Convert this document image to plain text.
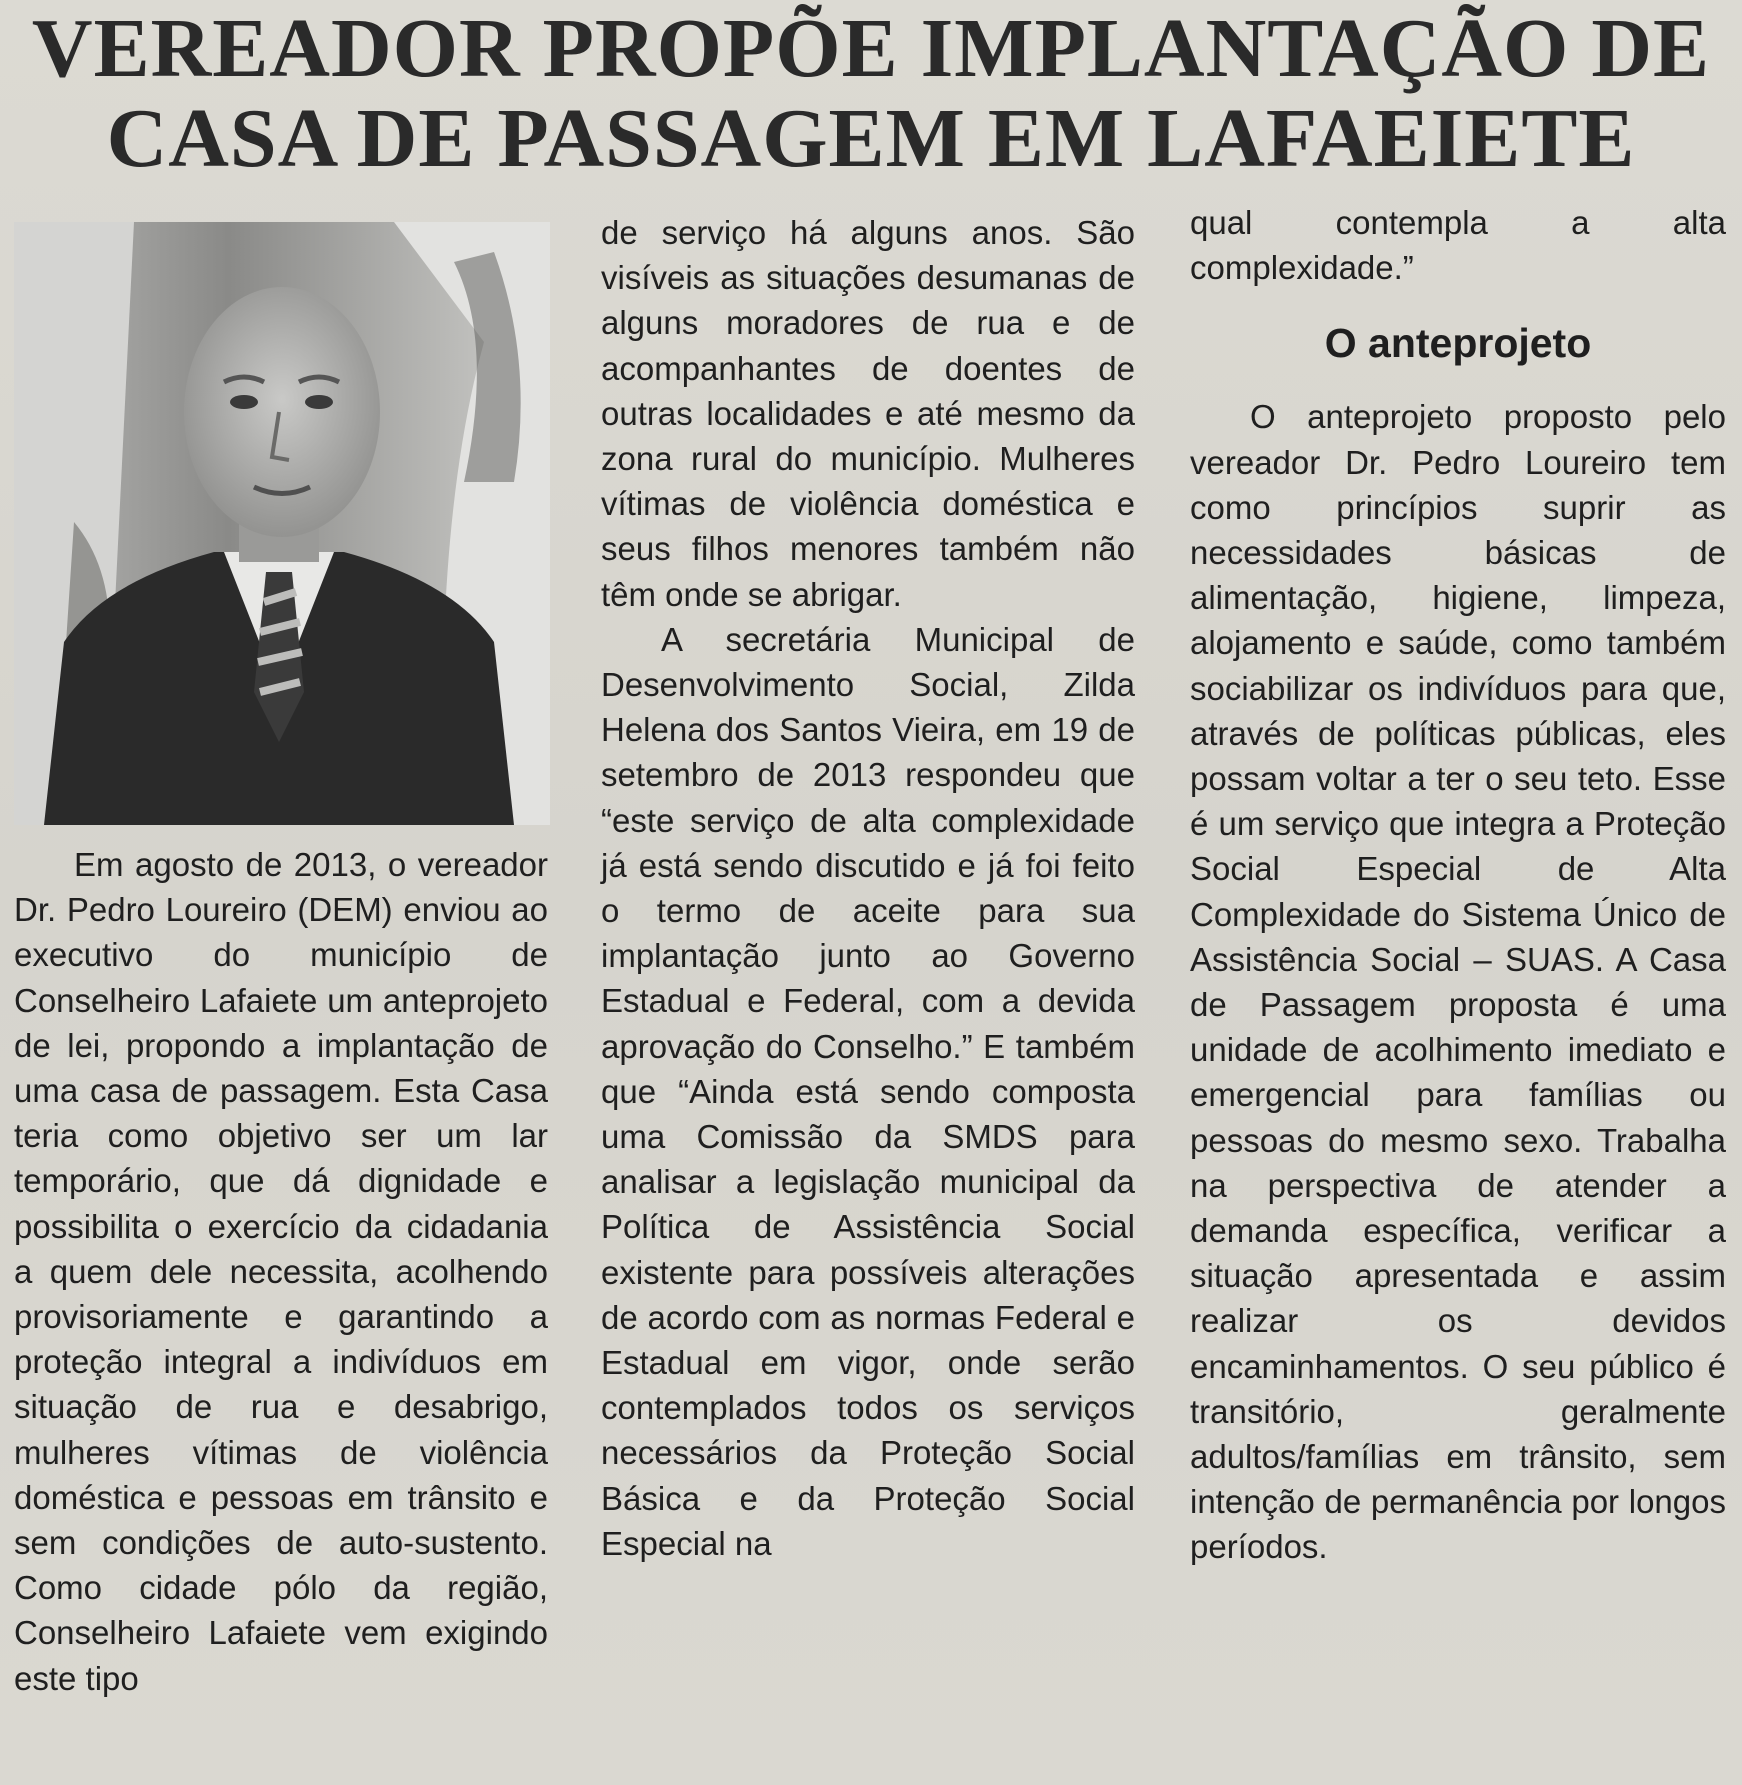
VEREADOR PROPÕE IMPLANTAÇÃO DE
CASA DE PASSAGEM EM LAFAEIETE

Em agosto de 2013, o vereador Dr. Pedro Loureiro (DEM) enviou ao executivo do município de Conselheiro Lafaiete um anteprojeto de lei, propondo a implantação de uma casa de passagem. Esta Casa teria como objetivo ser um lar temporário, que dá dignidade e possibilita o exercício da cidadania a quem dele necessita, acolhendo provisoriamente e garantindo a proteção integral a indivíduos em situação de rua e desabrigo, mulheres vítimas de violência doméstica e pessoas em trânsito e sem condições de auto-sustento. Como cidade pólo da região, Conselheiro Lafaiete vem exigindo este tipo

de serviço há alguns anos. São visíveis as situações desumanas de alguns moradores de rua e de acompanhantes de doentes de outras localidades e até mesmo da zona rural do município. Mulheres vítimas de violência doméstica e seus filhos menores também não têm onde se abrigar.

A secretária Municipal de Desenvolvimento Social, Zilda Helena dos Santos Vieira, em 19 de setembro de 2013 respondeu que “este serviço de alta complexidade já está sendo discutido e já foi feito o termo de aceite para sua implantação junto ao Governo Estadual e Federal, com a devida aprovação do Conselho.” E também que “Ainda está sendo composta uma Comissão da SMDS para analisar a legislação municipal da Política de Assistência Social existente para possíveis alterações de acordo com as normas Federal e Estadual em vigor, onde serão contemplados todos os serviços necessários da Proteção Social Básica e da Proteção Social Especial na

qual contempla a alta complexidade.”

O anteprojeto

O anteprojeto proposto pelo vereador Dr. Pedro Loureiro tem como princípios suprir as necessidades básicas de alimentação, higiene, limpeza, alojamento e saúde, como também sociabilizar os indivíduos para que, através de políticas públicas, eles possam voltar a ter o seu teto. Esse é um serviço que integra a Proteção Social Especial de Alta Complexidade do Sistema Único de Assistência Social – SUAS. A Casa de Passagem proposta é uma unidade de acolhimento imediato e emergencial para famílias ou pessoas do mesmo sexo. Trabalha na perspectiva de atender a demanda específica, verificar a situação apresentada e assim realizar os devidos encaminhamentos. O seu público é transitório, geralmente adultos/famílias em trânsito, sem intenção de permanência por longos períodos.
